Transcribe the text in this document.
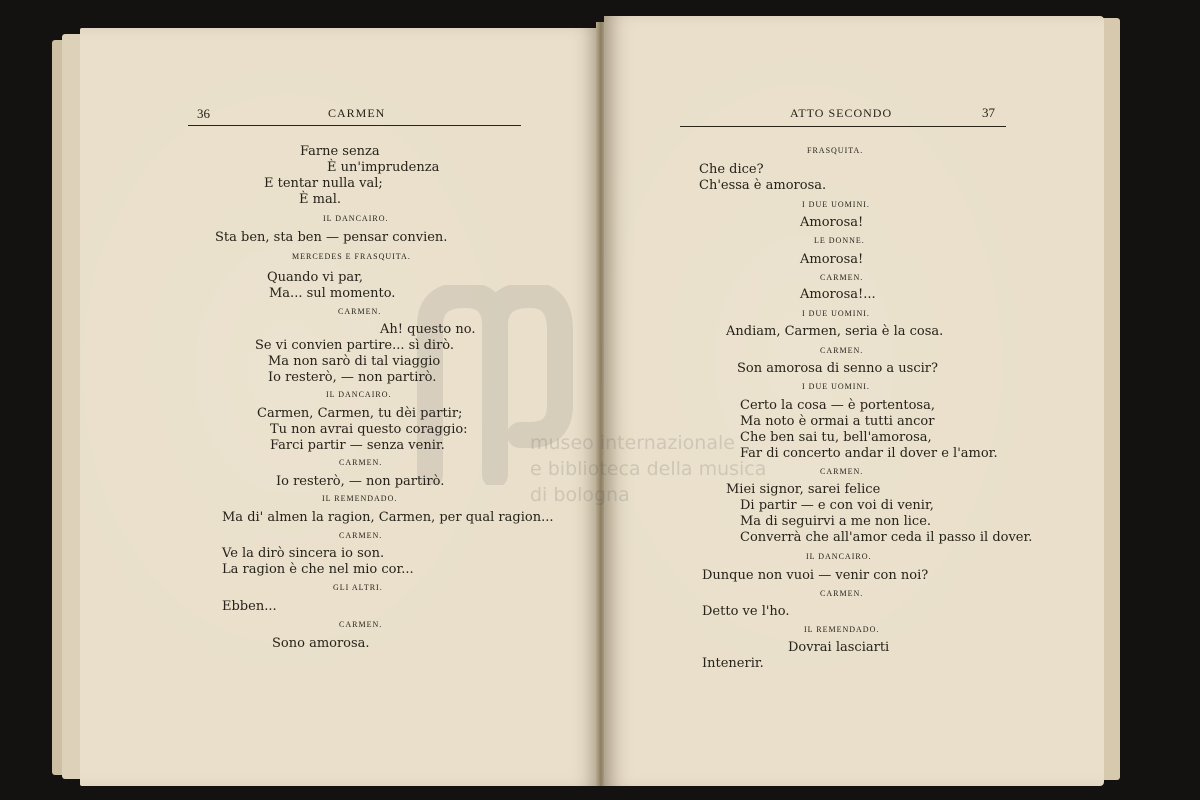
36	CARMEN
Farne senza
È un'imprudenza
E tentar nulla val;
È mal.
IL DANCAIRO.
Sta ben, sta ben — pensar convien.
MERCEDES E FRASQUITA.
Quando vi par,
Ma... sul momento.
CARMEN.
Ah! questo no.
Se vi convien partire... sì dirò.
Ma non sarò di tal viaggio
Io resterò, — non partirò.
IL DANCAIRO.
Carmen, Carmen, tu dèi partir;
Tu non avrai questo coraggio:
Farci partir — senza venir.
CARMEN.
Io resterò, — non partirò.
IL REMENDADO.
Ma di' almen la ragion, Carmen, per qual ragion...
CARMEN.
Ve la dirò sincera io son.
La ragion è che nel mio cor...
GLI ALTRI.
Ebben...
CARMEN.
Sono amorosa.
ATTO SECONDO	37
FRASQUITA.
Che dice?
Ch'essa è amorosa.
I DUE UOMINI.
Amorosa!
LE DONNE.
Amorosa!
CARMEN.
Amorosa!...
I DUE UOMINI.
Andiam, Carmen, seria è la cosa.
CARMEN.
Son amorosa di senno a uscir?
I DUE UOMINI.
Certo la cosa — è portentosa,
Ma noto è ormai a tutti ancor
Che ben sai tu, bell'amorosa,
Far di concerto andar il dover e l'amor.
CARMEN.
Miei signor, sarei felice
Di partir — e con voi di venir,
Ma di seguirvi a me non lice.
Converrà che all'amor ceda il passo il dover.
IL DANCAIRO.
Dunque non vuoi — venir con noi?
CARMEN.
Detto ve l'ho.
IL REMENDADO.
Dovrai lasciarti
Intenerir.
museo internazionale
e biblioteca della musica
di bologna
